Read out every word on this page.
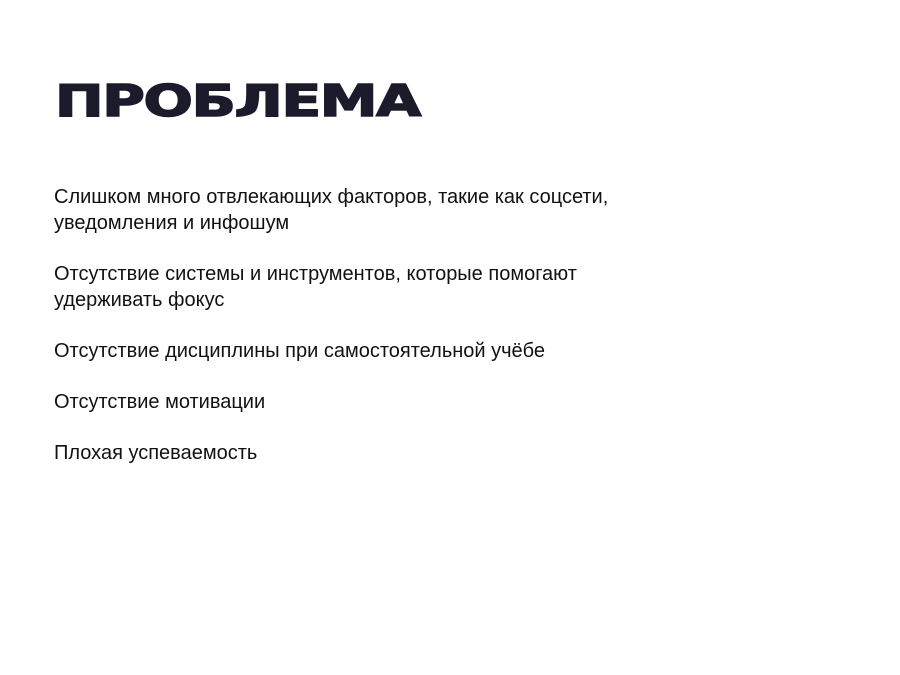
ПРОБЛЕМА
Слишком много отвлекающих факторов, такие как соцсети, уведомления и инфошум
Отсутствие системы и инструментов, которые помогают удерживать фокус
Отсутствие дисциплины при самостоятельной учёбе
Отсутствие мотивации
Плохая успеваемость
